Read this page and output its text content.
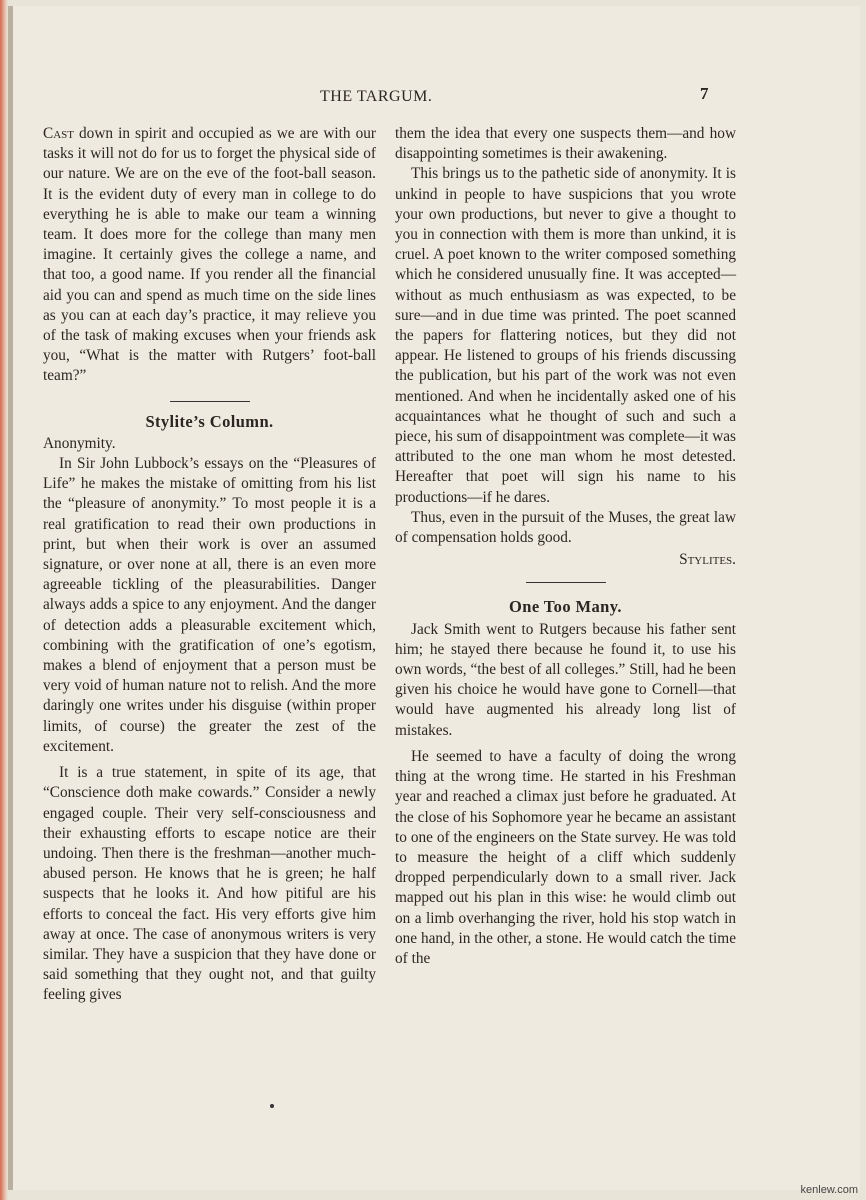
THE TARGUM.	7

Cast down in spirit and occupied as we are with our tasks it will not do for us to forget the physical side of our nature. We are on the eve of the foot-ball season. It is the evident duty of every man in college to do everything he is able to make our team a winning team. It does more for the college than many men imagine. It certainly gives the college a name, and that too, a good name. If you render all the financial aid you can and spend as much time on the side lines as you can at each day’s practice, it may relieve you of the task of making excuses when your friends ask you, “What is the matter with Rutgers’ foot-ball team?”

Stylite’s Column.

Anonymity.

In Sir John Lubbock’s essays on the “Pleasures of Life” he makes the mistake of omitting from his list the “pleasure of anonymity.” To most people it is a real gratification to read their own productions in print, but when their work is over an assumed signature, or over none at all, there is an even more agreeable tickling of the pleasurabilities. Danger always adds a spice to any enjoyment. And the danger of detection adds a pleasurable excitement which, combining with the gratification of one’s egotism, makes a blend of enjoyment that a person must be very void of human nature not to relish. And the more daringly one writes under his disguise (within proper limits, of course) the greater the zest of the excitement.

It is a true statement, in spite of its age, that “Conscience doth make cowards.” Consider a newly engaged couple. Their very self-consciousness and their exhausting efforts to escape notice are their undoing. Then there is the freshman—another much-abused person. He knows that he is green; he half suspects that he looks it. And how pitiful are his efforts to conceal the fact. His very efforts give him away at once. The case of anonymous writers is very similar. They have a suspicion that they have done or said something that they ought not, and that guilty feeling gives

them the idea that every one suspects them—and how disappointing sometimes is their awakening.

This brings us to the pathetic side of anonymity. It is unkind in people to have suspicions that you wrote your own productions, but never to give a thought to you in connection with them is more than unkind, it is cruel. A poet known to the writer composed something which he considered unusually fine. It was accepted—without as much enthusiasm as was expected, to be sure—and in due time was printed. The poet scanned the papers for flattering notices, but they did not appear. He listened to groups of his friends discussing the publication, but his part of the work was not even mentioned. And when he incidentally asked one of his acquaintances what he thought of such and such a piece, his sum of disappointment was complete—it was attributed to the one man whom he most detested. Hereafter that poet will sign his name to his productions—if he dares.

Thus, even in the pursuit of the Muses, the great law of compensation holds good.

Stylites.
One Too Many.

Jack Smith went to Rutgers because his father sent him; he stayed there because he found it, to use his own words, “the best of all colleges.” Still, had he been given his choice he would have gone to Cornell—that would have augmented his already long list of mistakes.

He seemed to have a faculty of doing the wrong thing at the wrong time. He started in his Freshman year and reached a climax just before he graduated. At the close of his Sophomore year he became an assistant to one of the engineers on the State survey. He was told to measure the height of a cliff which suddenly dropped perpendicularly down to a small river. Jack mapped out his plan in this wise: he would climb out on a limb overhanging the river, hold his stop watch in one hand, in the other, a stone. He would catch the time of the

kenlew.com
